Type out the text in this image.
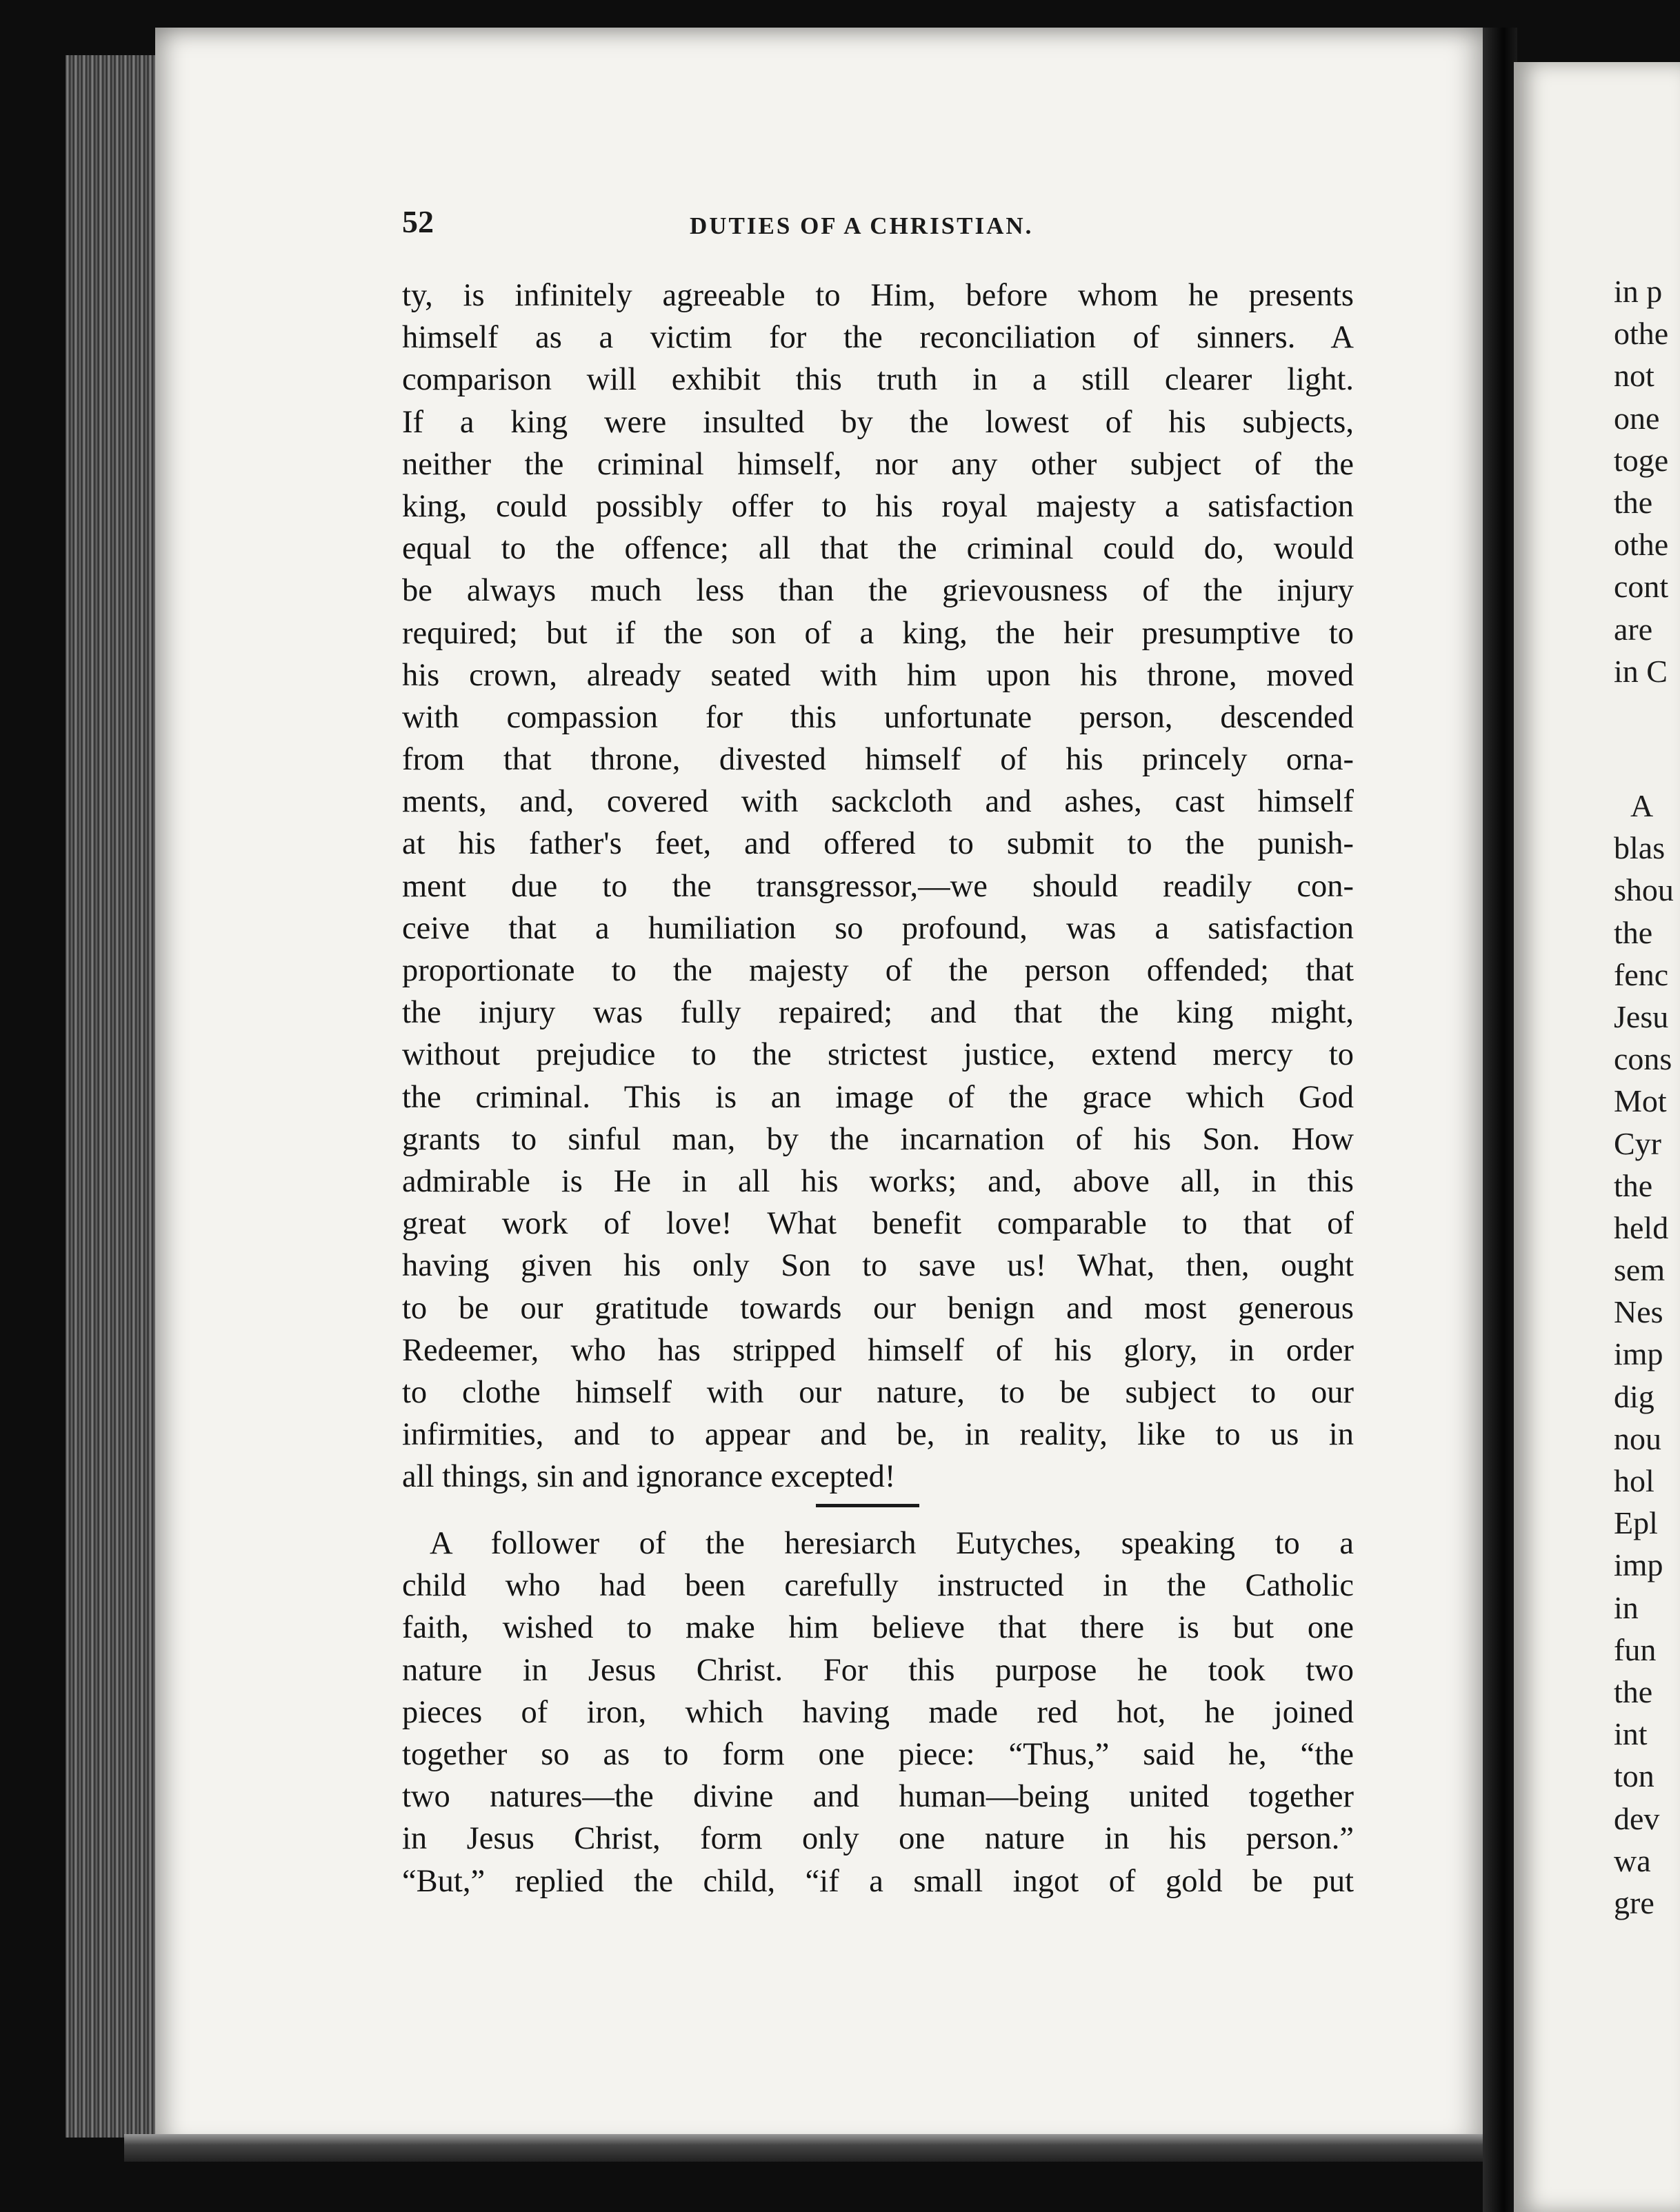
52	DUTIES OF A CHRISTIAN.
ty, is infinitely agreeable to Him, before whom he presents
himself as a victim for the reconciliation of sinners. A
comparison will exhibit this truth in a still clearer light.
If a king were insulted by the lowest of his subjects,
neither the criminal himself, nor any other subject of the
king, could possibly offer to his royal majesty a satisfaction
equal to the offence; all that the criminal could do, would
be always much less than the grievousness of the injury
required; but if the son of a king, the heir presumptive to
his crown, already seated with him upon his throne, moved
with compassion for this unfortunate person, descended
from that throne, divested himself of his princely orna-
ments, and, covered with sackcloth and ashes, cast himself
at his father's feet, and offered to submit to the punish-
ment due to the transgressor,—we should readily con-
ceive that a humiliation so profound, was a satisfaction
proportionate to the majesty of the person offended; that
the injury was fully repaired; and that the king might,
without prejudice to the strictest justice, extend mercy to
the criminal. This is an image of the grace which God
grants to sinful man, by the incarnation of his Son. How
admirable is He in all his works; and, above all, in this
great work of love! What benefit comparable to that of
having given his only Son to save us! What, then, ought
to be our gratitude towards our benign and most generous
Redeemer, who has stripped himself of his glory, in order
to clothe himself with our nature, to be subject to our
infirmities, and to appear and be, in reality, like to us in
all things, sin and ignorance excepted!
A follower of the heresiarch Eutyches, speaking to a
child who had been carefully instructed in the Catholic
faith, wished to make him believe that there is but one
nature in Jesus Christ. For this purpose he took two
pieces of iron, which having made red hot, he joined
together so as to form one piece: “Thus,” said he, “the
two natures—the divine and human—being united together
in Jesus Christ, form only one nature in his person.”
“But,” replied the child, “if a small ingot of gold be put
in p
othe
not
one
toge
the
othe
cont
are
in C
A
blas
shou
the
fenc
Jesu
cons
Mot
Cyr
the
held
sem
Nes
imp
dig
nou
hol
Epl
imp
in
fun
the
int
ton
dev
wa
gre
